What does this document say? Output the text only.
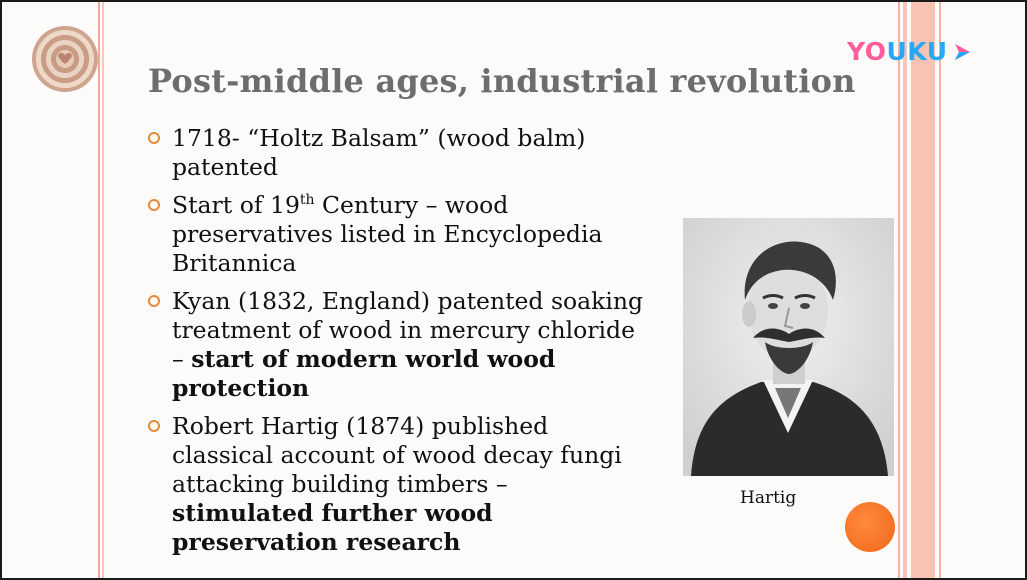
YO UKU
Post-middle ages, industrial revolution
1718- “Holtz Balsam” (wood balm)
patented
Start of 19th Century – wood
preservatives listed in Encyclopedia
Britannica
Kyan (1832, England) patented soaking
treatment of wood in mercury chloride
– start of modern world wood
protection
Robert Hartig (1874) published
classical account of wood decay fungi
attacking building timbers –
stimulated further wood
preservation research
Hartig
